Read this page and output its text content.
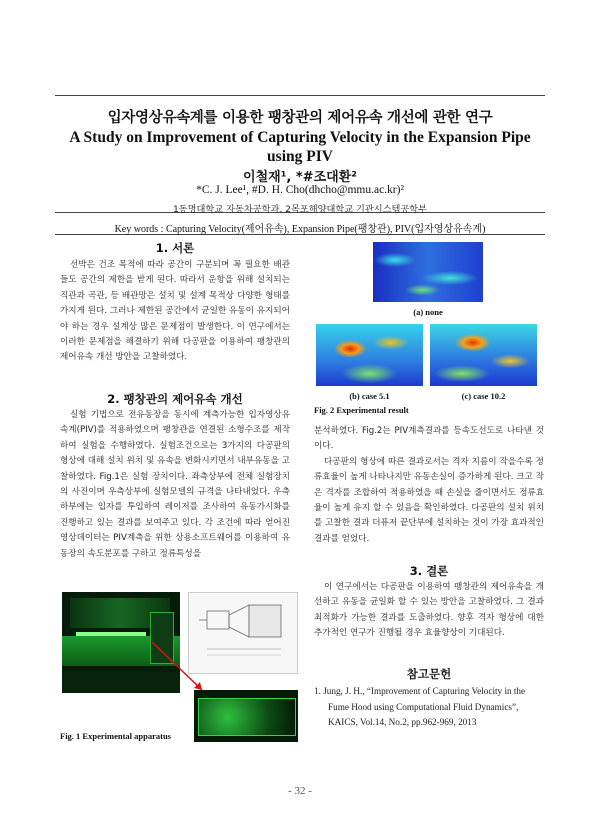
입자영상유속계를 이용한 팽창관의 제어유속 개선에 관한 연구
A Study on Improvement of Capturing Velocity in the Expansion Pipe using PIV
이철재¹, *#조대환²
*C. J. Lee¹, #D. H. Cho(dhcho@mmu.ac.kr)²
1동명대학교 자동차공학과, 2목포해양대학교 기관시스템공학부
Key words : Capturing Velocity(제어유속), Expansion Pipe(팽창관), PIV(입자영상유속계)
1. 서론

선박은 건조 목적에 따라 공간이 구분되며 꼭 필요한 배관들도 공간의 제한을 받게 된다. 따라서 운항을 위해 설치되는 직관과 곡관, 등 배관망은 설치 및 설계 목적상 다양한 형태를 가지게 된다. 그러나 제한된 공간에서 균일한 유동이 유지되어야 하는 경우 설계상 많은 문제점이 발생한다. 이 연구에서는 이러한 문제점을 해결하기 위해 다공판을 이용하여 팽창관의 제어유속 개선 방안을 고찰하였다.

2. 팽창관의 제어유속 개선

실험 기법으로 전유동장을 동시에 계측가능한 입자영상유속계(PIV)를 적용하였으며 팽창관을 연결된 소형수조를 제작하여 실험을 수행하였다. 실험조건으로는 3가지의 다공판의 형상에 대해 설치 위치 및 유속을 변화시키면서 내부유동을 고찰하였다. Fig.1은 실험 장치이다. 좌측상부에 전체 실험장치의 사진이며 우측상부에 실험모델의 규격을 나타내었다. 우측 하부에는 입자를 투입하여 레이저를 조사하여 유동가시화를 진행하고 있는 결과를 보여주고 있다. 각 조건에 따라 얻어진 영상데이터는 PIV계측을 위한 상용소프트웨어를 이용하여 유동장의 속도분포를 구하고 정류특성을

Fig. 1 Experimental apparatus
(a) none
(b) case 5.1	(c) case 10.2
Fig. 2 Experimental result

분석하였다. Fig.2는 PIV계측결과를 등속도선도로 나타낸 것이다.

다공판의 형상에 따른 결과로서는 격자 지름이 작을수록 정류효율이 높게 나타나지만 유동손실이 증가하게 된다. 크고 작은 격자를 조합하여 적용하였을 때 손실을 줄이면서도 정류효율이 높게 유지 할 수 있음을 확인하였다. 다공판의 설치 위치를 고찰한 결과 더퓨저 끝단부에 설치하는 것이 가장 효과적인 결과를 얻었다.

3. 결론

이 연구에서는 다공판을 이용하여 팽창관의 제어유속을 개선하고 유동을 균일화 할 수 있는 방안을 고찰하였다. 그 결과 최적화가 가능한 결과를 도출하였다. 향후 격자 형상에 대한 추가적인 연구가 진행될 경우 효율향상이 기대된다.

참고문헌
1. Jung, J. H., “Improvement of Capturing Velocity in the Fume Hood using Computational Fluid Dynamics”, KAICS, Vol.14, No.2, pp.962-969, 2013
- 32 -
